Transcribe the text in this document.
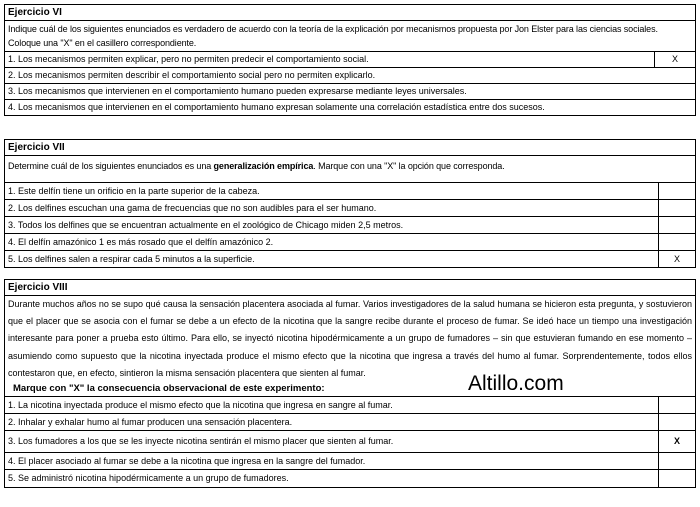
Ejercicio VI
Indique cuál de los siguientes enunciados es verdadero de acuerdo con la teoría de la explicación por mecanismos propuesta por Jon Elster para las ciencias sociales. Coloque una "X" en el casillero correspondiente.
1. Los mecanismos permiten explicar, pero no permiten predecir el comportamiento social.	X
2. Los mecanismos permiten describir el comportamiento social pero no permiten explicarlo.
3. Los mecanismos que intervienen en el comportamiento humano pueden expresarse mediante leyes universales.
4. Los mecanismos que intervienen en el comportamiento humano expresan solamente una correlación estadística entre dos sucesos.
Ejercicio VII
Determine cuál de los siguientes enunciados es una generalización empírica. Marque con una "X" la opción que corresponda.
1. Este delfín tiene un orificio en la parte superior de la cabeza.
2. Los delfines escuchan una gama de frecuencias que no son audibles para el ser humano.
3. Todos los delfines que se encuentran actualmente en el zoológico de Chicago miden 2,5 metros.
4. El delfín amazónico 1 es más rosado que el delfín amazónico 2.
5. Los delfines salen a respirar cada 5 minutos a la superficie.	X
Ejercicio VIII
Durante muchos años no se supo qué causa la sensación placentera asociada al fumar. Varios investigadores de la salud humana se hicieron esta pregunta, y sostuvieron que el placer que se asocia con el fumar se debe a un efecto de la nicotina que la sangre recibe durante el proceso de fumar. Se ideó hace un tiempo una investigación interesante para poner a prueba esto último. Para ello, se inyectó nicotina hipodérmicamente a un grupo de fumadores – sin que estuvieran fumando en ese momento – asumiendo como supuesto que la nicotina inyectada produce el mismo efecto que la nicotina que ingresa a través del humo al fumar. Sorprendentemente, todos ellos contestaron que, en efecto, sintieron la misma sensación placentera que sienten al fumar.
Marque con "X" la consecuencia observacional de este experimento:
1. La nicotina inyectada produce el mismo efecto que la nicotina que ingresa en sangre al fumar.
2. Inhalar y exhalar humo al fumar producen una sensación placentera.
3. Los fumadores a los que se les inyecte nicotina sentirán el mismo placer que sienten al fumar.	X
4. El placer asociado al fumar se debe a la nicotina que ingresa en la sangre del fumador.
5. Se administró nicotina hipodérmicamente a un grupo de fumadores.
Altillo.com
